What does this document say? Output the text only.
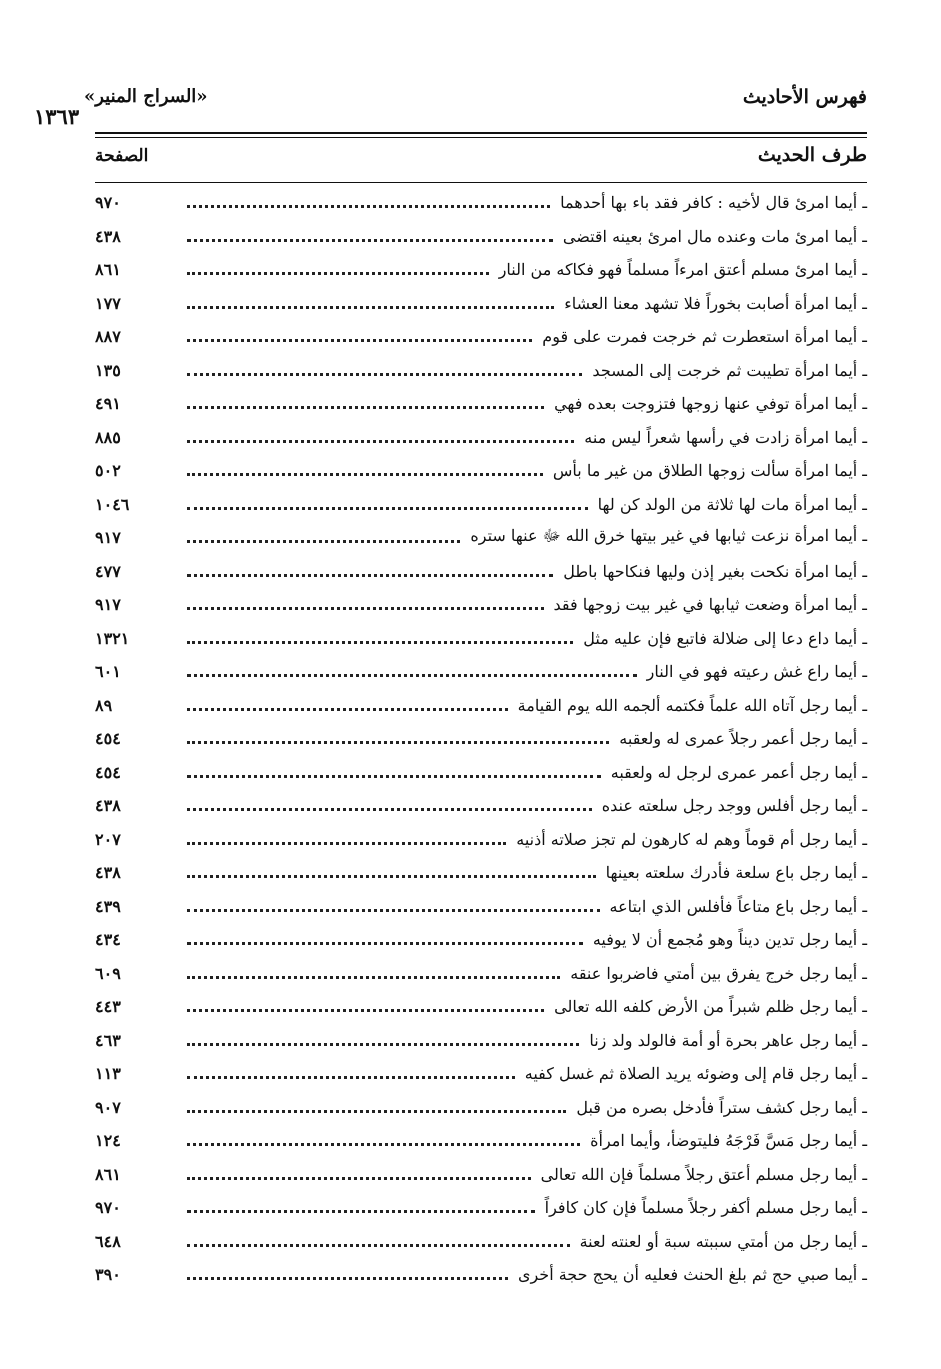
فهرس الأحاديث
«السراج المنير»
١٣٦٣
طرف الحديث
الصفحة
ـ أيما امرئ قال لأخيه : كافر فقد باء بها أحدهما
٩٧٠
ـ أيما امرئ مات وعنده مال امرئ بعينه اقتضى
٤٣٨
ـ أيما امرئ مسلم أعتق امرءاً مسلماً فهو فكاكه من النار
٨٦١
ـ أيما امرأة أصابت بخوراً فلا تشهد معنا العشاء
١٧٧
ـ أيما امرأة استعطرت ثم خرجت فمرت على قوم
٨٨٧
ـ أيما امرأة تطيبت ثم خرجت إلى المسجد
١٣٥
ـ أيما امرأة توفي عنها زوجها فتزوجت بعده فهي
٤٩١
ـ أيما امرأة زادت في رأسها شعراً ليس منه
٨٨٥
ـ أيما امرأة سألت زوجها الطلاق من غير ما بأس
٥٠٢
ـ أيما امرأة مات لها ثلاثة من الولد كن لها
١٠٤٦
ـ أيما امرأة نزعت ثيابها في غير بيتها خرق الله ﷻ عنها ستره
٩١٧
ـ أيما امرأة نكحت بغير إذن وليها فنكاحها باطل
٤٧٧
ـ أيما امرأة وضعت ثيابها في غير بيت زوجها فقد
٩١٧
ـ أيما داع دعا إلى ضلالة فاتبع فإن عليه مثل
١٣٢١
ـ أيما راع غش رعيته فهو في النار
٦٠١
ـ أيما رجل آتاه الله علماً فكتمه ألجمه الله يوم القيامة
٨٩
ـ أيما رجل أعمر رجلاً عمرى له ولعقبه
٤٥٤
ـ أيما رجل أعمر عمرى لرجل له ولعقبه
٤٥٤
ـ أيما رجل أفلس ووجد رجل سلعته عنده
٤٣٨
ـ أيما رجل أم قوماً وهم له كارهون لم تجز صلاته أذنيه
٢٠٧
ـ أيما رجل باع سلعة فأدرك سلعته بعينها
٤٣٨
ـ أيما رجل باع متاعاً فأفلس الذي ابتاعه
٤٣٩
ـ أيما رجل تدين ديناً وهو مُجمع أن لا يوفيه
٤٣٤
ـ أيما رجل خرج يفرق بين أمتي فاضربوا عنقه
٦٠٩
ـ أيما رجل ظلم شبراً من الأرض كلفه الله تعالى
٤٤٣
ـ أيما رجل عاهر بحرة أو أمة فالولد ولد زنا
٤٦٣
ـ أيما رجل قام إلى وضوئه يريد الصلاة ثم غسل كفيه
١١٣
ـ أيما رجل كشف ستراً فأدخل بصره من قبل
٩٠٧
ـ أيما رجل مَسَّ فَرْجَهُ فليتوضأ، وأيما امرأة
١٢٤
ـ أيما رجل مسلم أعتق رجلاً مسلماً فإن الله تعالى
٨٦١
ـ أيما رجل مسلم أكفر رجلاً مسلماً فإن كان كافراً
٩٧٠
ـ أيما رجل من أمتي سببته سبة أو لعنته لعنة
٦٤٨
ـ أيما صبي حج ثم بلغ الحنث فعليه أن يحج حجة أخرى
٣٩٠
